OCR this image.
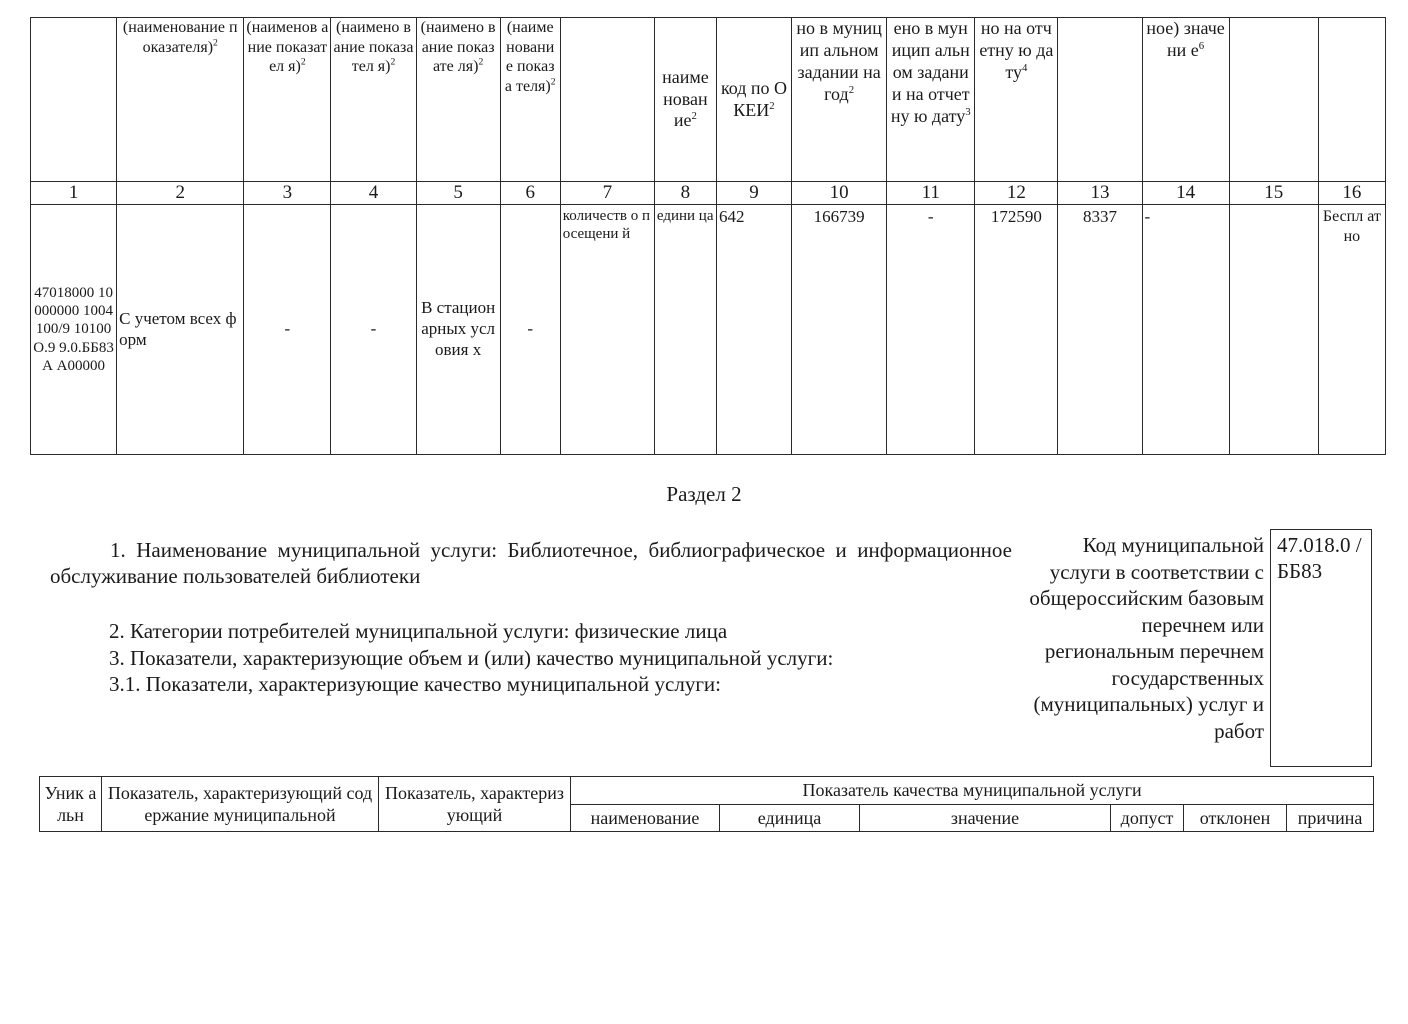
	(наименование показателя)$^2$	(наименов ание показател я)$^2$	(наимено вание показател я)$^2$	(наимено вание показате ля)$^2$	(наиме новани е показа теля)$^2$		наиме нован $ие^2$	код по ОКЕИ$^2$	но в муницип альном задании на год$^2$	ено в муницип альном задании на отчетну ю дату$^3$	но на отчетну ю дату$^4$		ное) значени $е^6$		
1	2	3	4	5	6	7	8	9	10	11	12	13	14	15	16
47018000 10000000 1004100/9 10100О.9 9.0.ББ83А А00000	С учетом всех форм	-	-	В стацион арных условия х	-	количеств о посещени й	едини ца	642	166739	-	172590	8337	-		Беспл атно
Раздел 2
1. Наименование муниципальной услуги: Библиотечное, библиографическое и информационное обслуживание пользователей библиотеки
2. Категории потребителей муниципальной услуги: физические лица
3. Показатели, характеризующие объем и (или) качество муниципальной услуги:
3.1. Показатели, характеризующие качество муниципальной услуги:
Код муниципальной услуги в соответствии с общероссийским базовым перечнем или региональным перечнем государственных (муниципальных) услуг и работ
47.018.0 /ББ83
Уник альн	Показатель, характеризующий содержание муниципальной	Показатель, характеризующий	Показатель качества муниципальной услуги					
			наименование	единица	значение	допуст	отклонен	причина
